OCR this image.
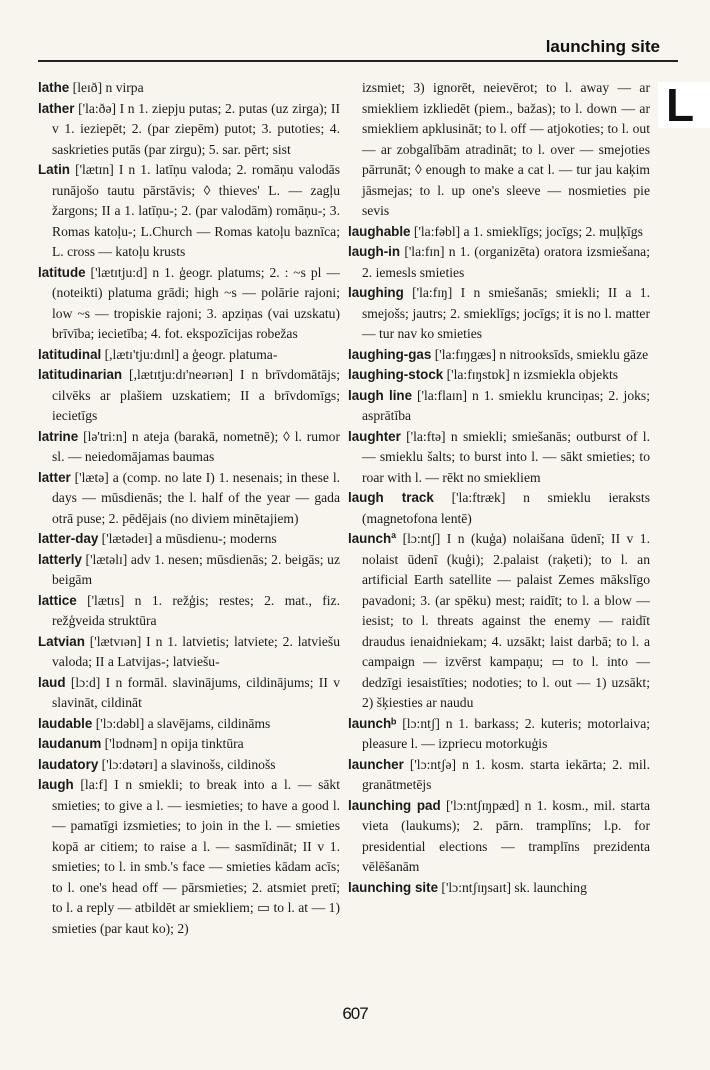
launching site
L

lathe [leɪð] n virpa

lather ['la:ðə] I n 1. ziepju putas; 2. putas (uz zirga); II v 1. ieziepēt; 2. (par ziepēm) putot; 3. putoties; 4. saskrieties putās (par zirgu); 5. sar. pērt; sist

Latin ['lætɪn] I n 1. latīņu valoda; 2. romāņu valodās runājošo tautu pārstāvis; ◊ thieves' L. — zagļu žargons; II a 1. latīņu-; 2. (par valodām) romāņu-; 3. Romas katoļu-; L.Church — Romas katoļu baznīca; L. cross — katoļu krusts

latitude ['lætɪtju:d] n 1. ģeogr. platums; 2. : ~s pl — (noteikti) platuma grādi; high ~s — polārie rajoni; low ~s — tropiskie rajoni; 3. apziņas (vai uzskatu) brīvība; iecietība; 4. fot. ekspozīcijas robežas

latitudinal [,lætɪ'tju:dɪnl] a ģeogr. platuma-

latitudinarian [,lætɪtju:dɪ'neərɪən] I n brīvdomātājs; cilvēks ar plašiem uzskatiem; II a brīvdomīgs; iecietīgs

latrine [lə'tri:n] n ateja (barakā, nometnē); ◊ l. rumor sl. — neiedomājamas baumas

latter ['lætə] a (comp. no late I) 1. nesenais; in these l. days — mūsdienās; the l. half of the year — gada otrā puse; 2. pēdējais (no diviem minētajiem)

latter-day ['lætədeɪ] a mūsdienu-; moderns

latterly ['lætəlɪ] adv 1. nesen; mūsdienās; 2. beigās; uz beigām

lattice ['lætɪs] n 1. režģis; restes; 2. mat., fiz. režģveida struktūra

Latvian ['lætvɪən] I n 1. latvietis; latviete; 2. latviešu valoda; II a Latvijas-; latviešu-

laud [lɔ:d] I n formāl. slavinājums, cildinājums; II v slavināt, cildināt

laudable ['lɔ:dəbl] a slavējams, cildināms

laudanum ['lɒdnəm] n opija tinktūra

laudatory ['lɔ:dətərɪ] a slavinošs, cildinošs

laugh [la:f] I n smiekli; to break into a l. — sākt smieties; to give a l. — iesmieties; to have a good l. — pamatīgi izsmieties; to join in the l. — smieties kopā ar citiem; to raise a l. — sasmīdināt; II v 1. smieties; to l. in smb.'s face — smieties kādam acīs; to l. one's head off — pārsmieties; 2. atsmiet pretī; to l. a reply — atbildēt ar smiekliem; ▭ to l. at — 1) smieties (par kaut ko); 2)

izsmiet; 3) ignorēt, neievērot; to l. away — ar smiekliem izkliedēt (piem., bažas); to l. down — ar smiekliem apklusināt; to l. off — atjokoties; to l. out — ar zobgalībām atradināt; to l. over — smejoties pārrunāt; ◊ enough to make a cat l. — tur jau kaķim jāsmejas; to l. up one's sleeve — nosmieties pie sevis

laughable ['la:fəbl] a 1. smieklīgs; jocīgs; 2. muļķīgs

laugh-in ['la:fɪn] n 1. (organizēta) oratora izsmiešana; 2. iemesls smieties

laughing ['la:fɪŋ] I n smiešanās; smiekli; II a 1. smejošs; jautrs; 2. smieklīgs; jocīgs; it is no l. matter — tur nav ko smieties

laughing-gas ['la:fɪŋgæs] n nitrooksīds, smieklu gāze

laughing-stock ['la:fɪŋstɒk] n izsmiekla objekts

laugh line ['la:flaɪn] n 1. smieklu krunciņas; 2. joks; asprātība

laughter ['la:ftə] n smiekli; smiešanās; outburst of l. — smieklu šalts; to burst into l. — sākt smieties; to roar with l. — rēkt no smiekliem

laugh track ['la:ftræk] n smieklu ieraksts (magnetofona lentē)

launchª [lɔ:ntʃ] I n (kuģa) nolaišana ūdenī; II v 1. nolaist ūdenī (kuģi); 2.palaist (raķeti); to l. an artificial Earth satellite — palaist Zemes mākslīgo pavadoni; 3. (ar spēku) mest; raidīt; to l. a blow — iesist; to l. threats against the enemy — raidīt draudus ienaidniekam; 4. uzsākt; laist darbā; to l. a campaign — izvērst kampaņu; ▭ to l. into —dedzīgi iesaistīties; nodoties; to l. out — 1) uzsākt; 2) šķiesties ar naudu

launchᵇ [lɔ:ntʃ] n 1. barkass; 2. kuteris; motorlaiva; pleasure l. — izpriecu motorkuģis

launcher ['lɔ:ntʃə] n 1. kosm. starta iekārta; 2. mil. granātmetējs

launching pad ['lɔ:ntʃɪŋpæd] n 1. kosm., mil. starta vieta (laukums); 2. pārn. tramplīns; l.p. for presidential elections — tramplīns prezidenta vēlēšanām

launching site ['lɔ:ntʃɪŋsaɪt] sk. launching

607
